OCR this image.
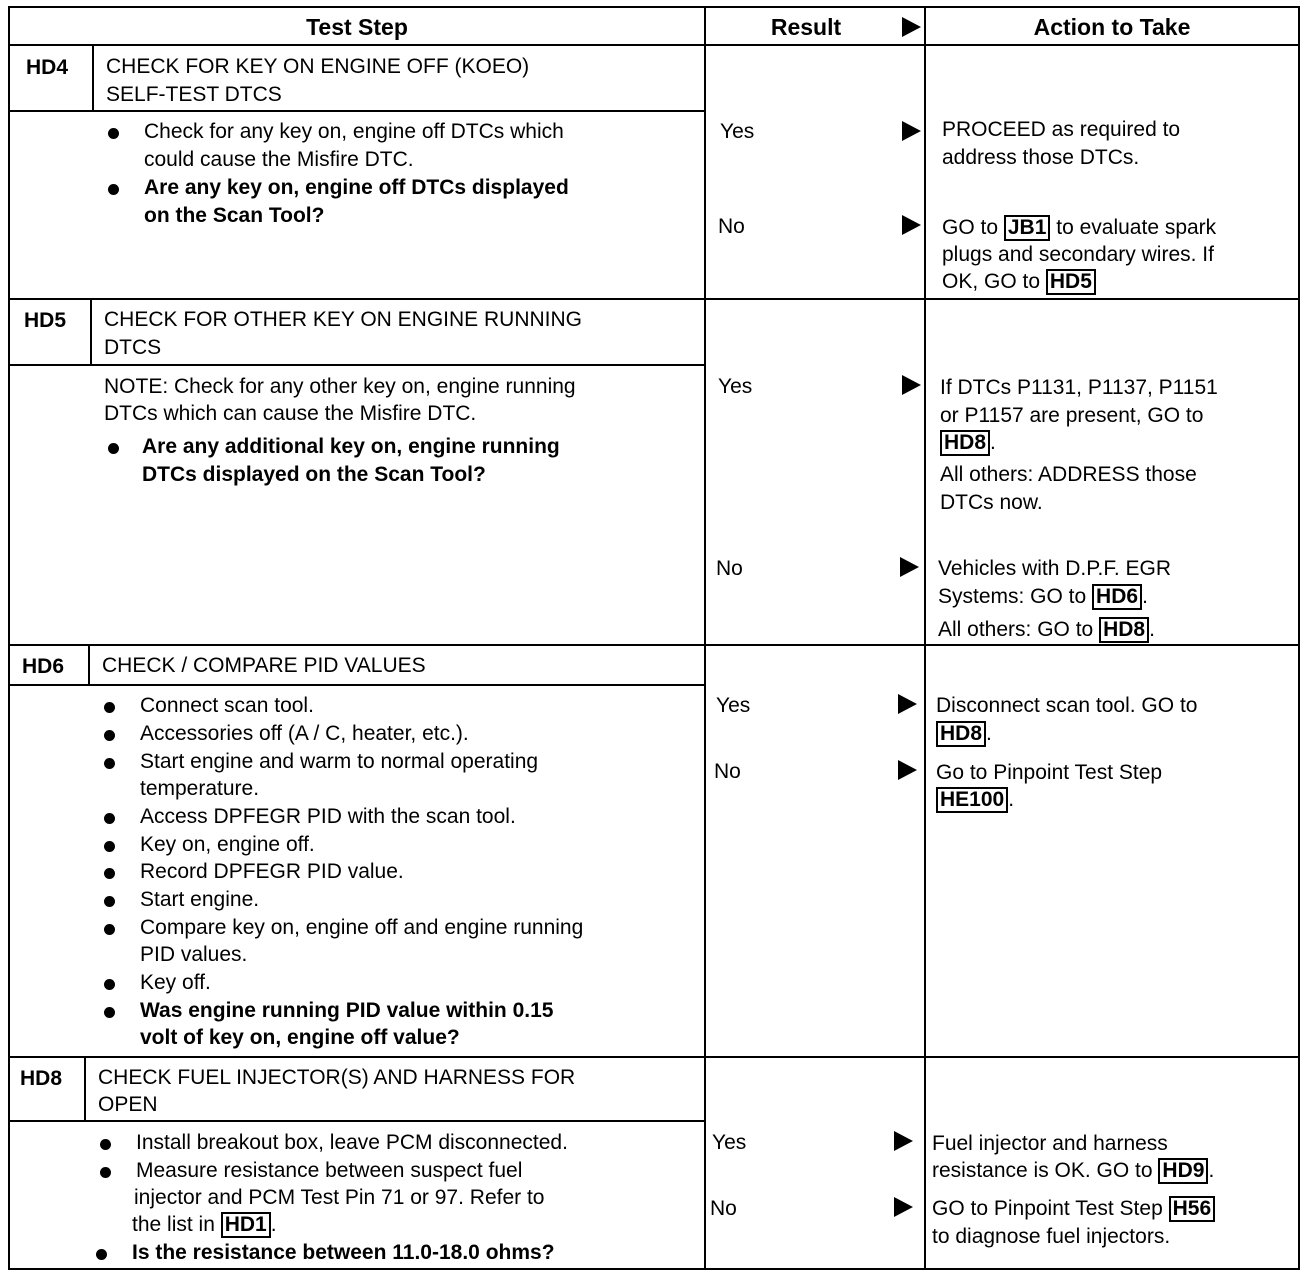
Test Step	Result	Action to Take
HD4 CHECK FOR KEY ON ENGINE OFF (KOEO)
SELF-TEST DTCS
Check for any key on, engine off DTCs which
could cause the Misfire DTC.
Are any key on, engine off DTCs displayed
on the Scan Tool?
Yes
No
PROCEED as required to
address those DTCs.
GO to JB1 to evaluate spark
plugs and secondary wires. If
OK, GO to HD5
HD5 CHECK FOR OTHER KEY ON ENGINE RUNNING
DTCS
NOTE: Check for any other key on, engine running
DTCs which can cause the Misfire DTC.
Are any additional key on, engine running
DTCs displayed on the Scan Tool?
Yes
No
If DTCs P1131, P1137, P1151
or P1157 are present, GO to
HD8 .
All others: ADDRESS those
DTCs now.
Vehicles with D.P.F. EGR
Systems: GO to HD6 .
All others: GO to HD8 .
HD6 CHECK / COMPARE PID VALUES
Connect scan tool.
Accessories off (A / C, heater, etc.).
Start engine and warm to normal operating
temperature.
Access DPFEGR PID with the scan tool.
Key on, engine off.
Record DPFEGR PID value.
Start engine.
Compare key on, engine off and engine running
PID values.
Key off.
Was engine running PID value within 0.15
volt of key on, engine off value?
Yes
No
Disconnect scan tool. GO to
HD8 .
Go to Pinpoint Test Step
HE100 .
HD8 CHECK FUEL INJECTOR(S) AND HARNESS FOR
OPEN
Install breakout box, leave PCM disconnected.
Measure resistance between suspect fuel
injector and PCM Test Pin 71 or 97. Refer to
the list in HD1 .
Is the resistance between 11.0-18.0 ohms?
Yes
No
Fuel injector and harness
resistance is OK. GO to HD9 .
GO to Pinpoint Test Step H56
to diagnose fuel injectors.
